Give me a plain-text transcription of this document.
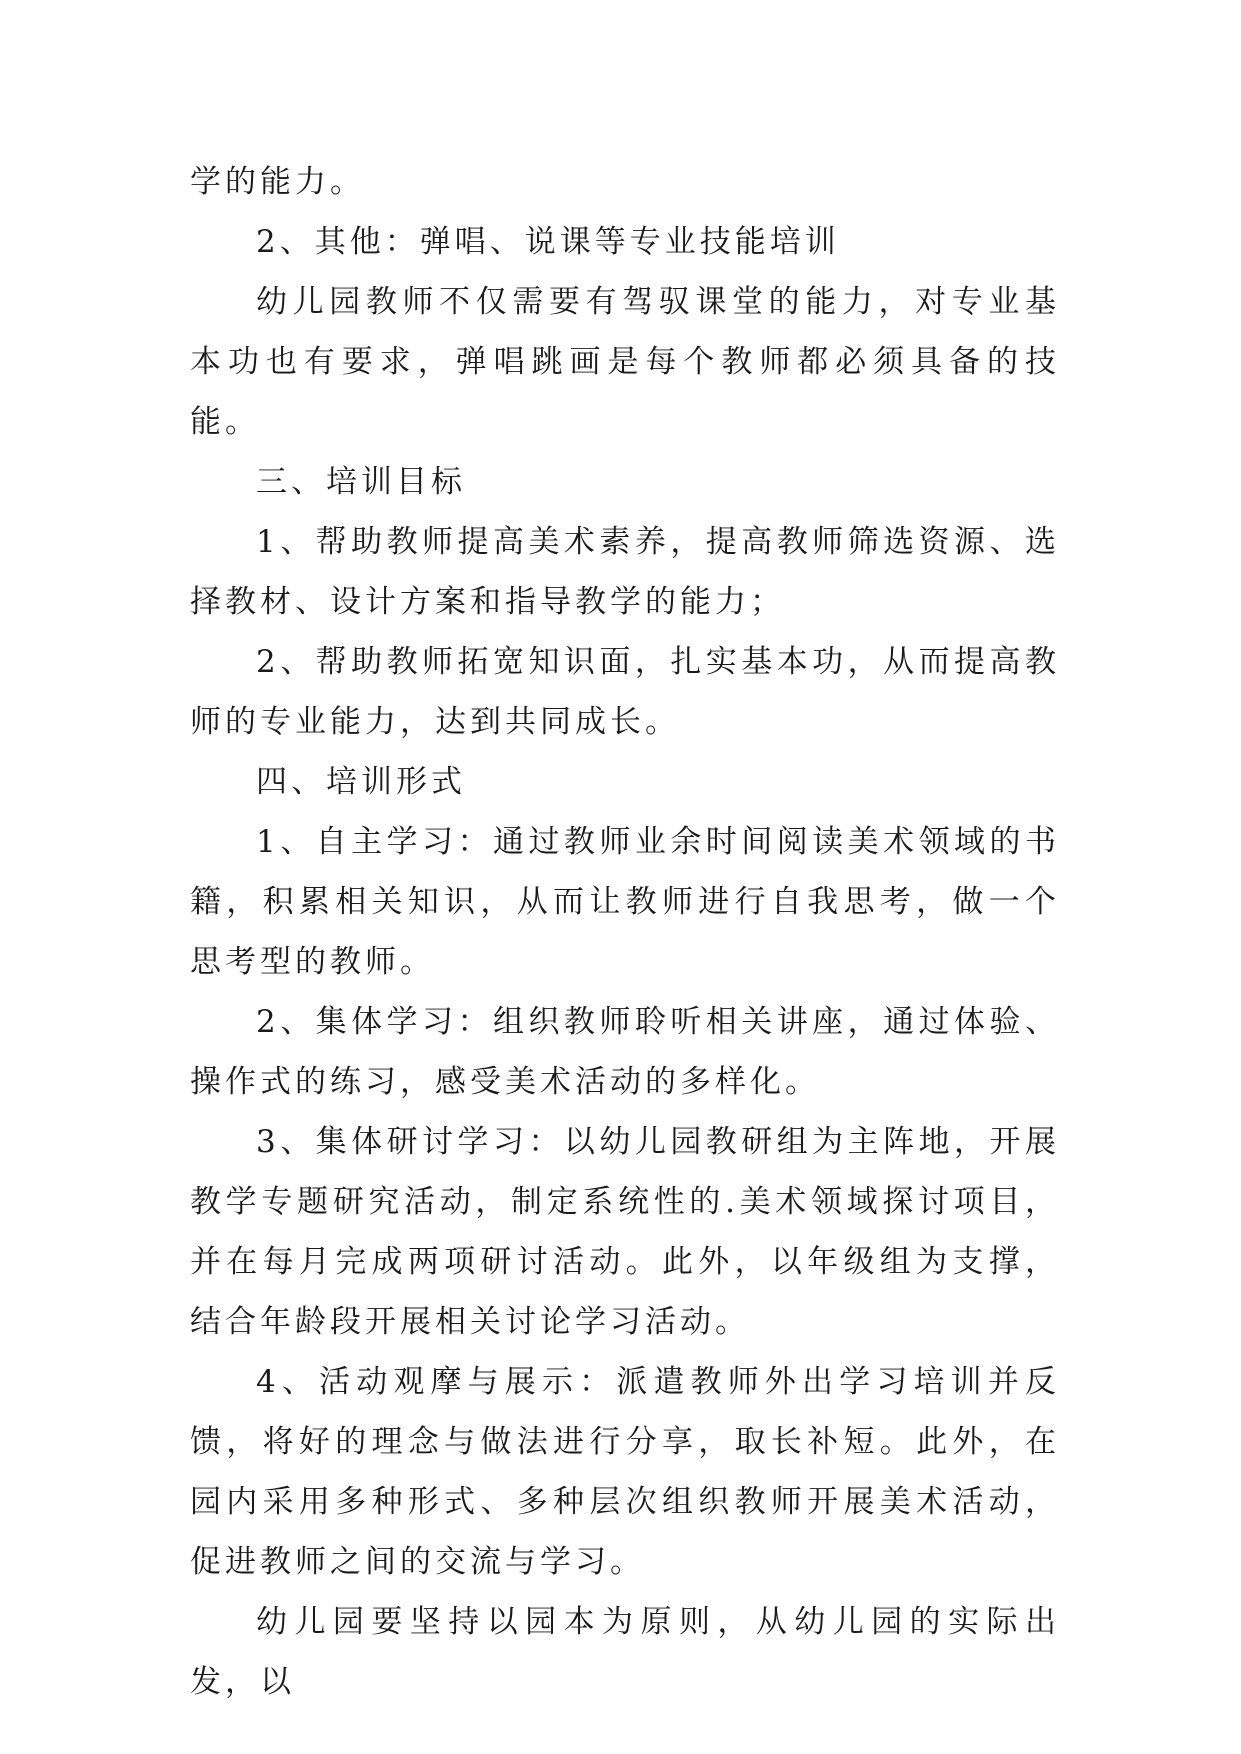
学的能力。

2、其他：弹唱、说课等专业技能培训

幼儿园教师不仅需要有驾驭课堂的能力，对专业基本功也有要求，弹唱跳画是每个教师都必须具备的技能。

三、培训目标

1、帮助教师提高美术素养，提高教师筛选资源、选择教材、设计方案和指导教学的能力；

2、帮助教师拓宽知识面，扎实基本功，从而提高教师的专业能力，达到共同成长。

四、培训形式

1、自主学习：通过教师业余时间阅读美术领域的书籍，积累相关知识，从而让教师进行自我思考，做一个思考型的教师。

2、集体学习：组织教师聆听相关讲座，通过体验、操作式的练习，感受美术活动的多样化。

3、集体研讨学习：以幼儿园教研组为主阵地，开展教学专题研究活动，制定系统性的.美术领域探讨项目，并在每月完成两项研讨活动。此外，以年级组为支撑，结合年龄段开展相关讨论学习活动。

4、活动观摩与展示：派遣教师外出学习培训并反馈，将好的理念与做法进行分享，取长补短。此外，在园内采用多种形式、多种层次组织教师开展美术活动，促进教师之间的交流与学习。

幼儿园要坚持以园本为原则，从幼儿园的实际出发，以
